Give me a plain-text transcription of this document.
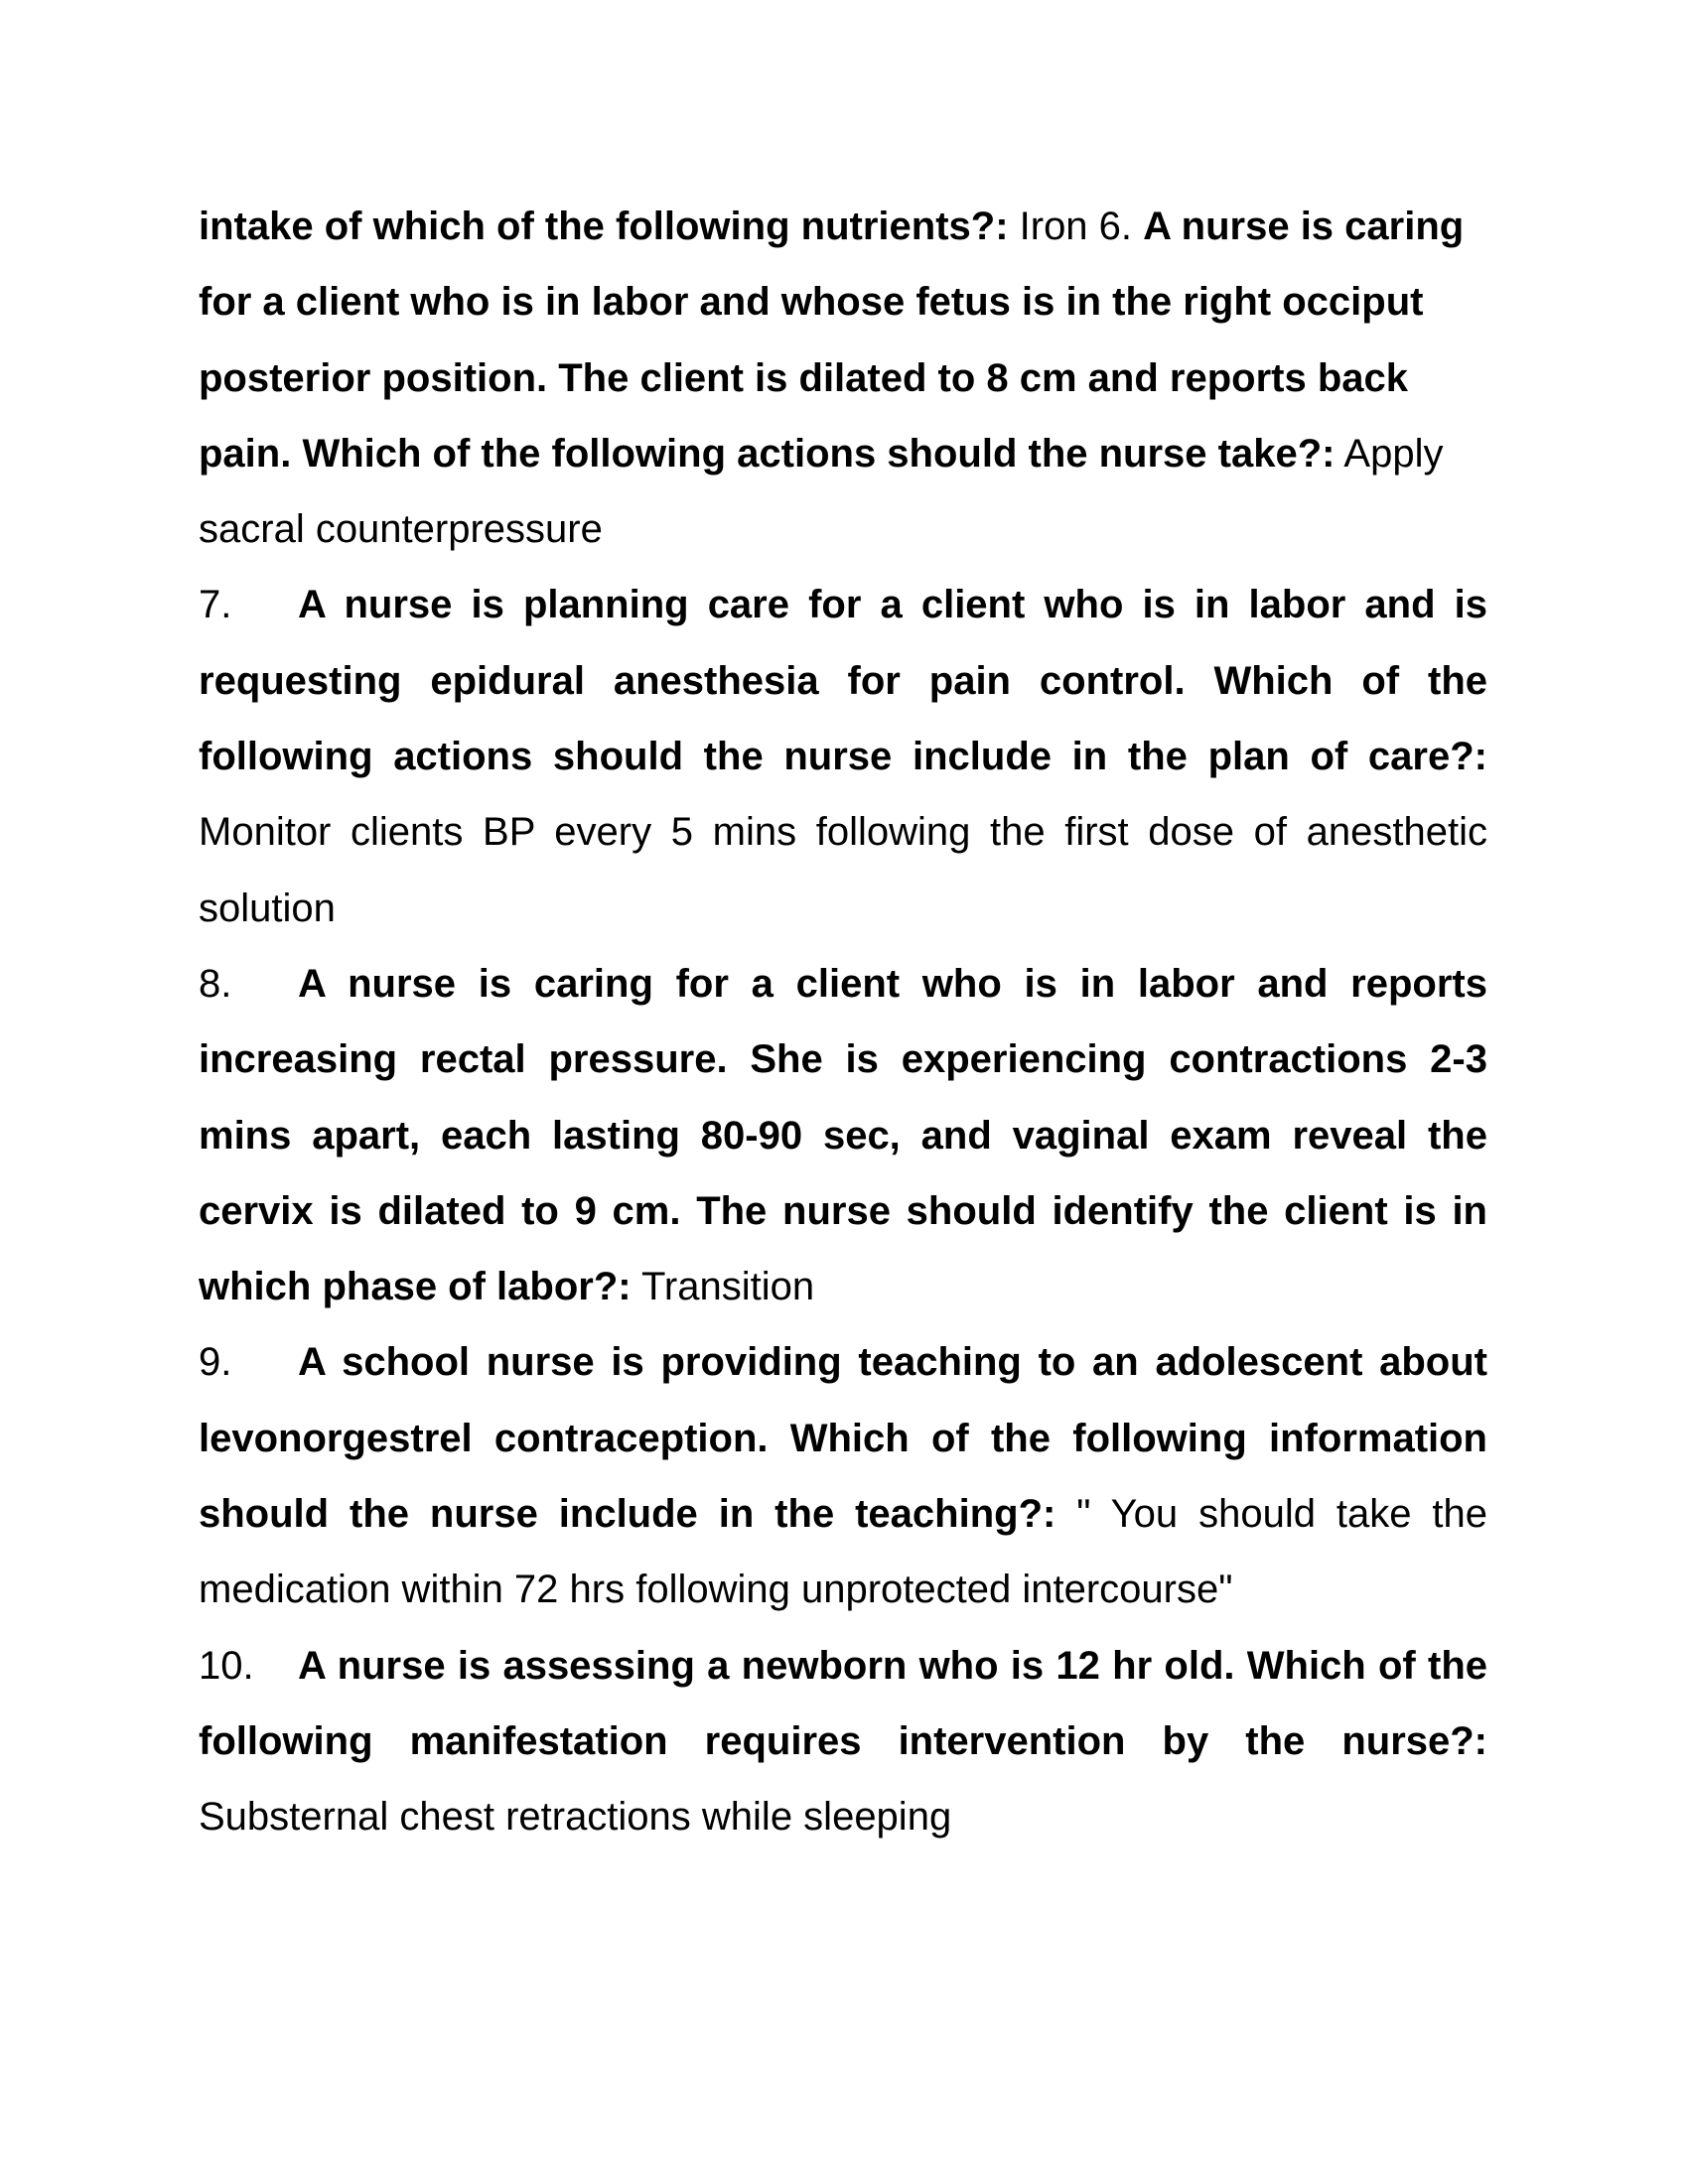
intake of which of the following nutrients?: Iron 6. A nurse is caring for a client who is in labor and whose fetus is in the right occiput posterior position. The client is dilated to 8 cm and reports back pain. Which of the following actions should the nurse take?: Apply sacral counterpressure

7. A nurse is planning care for a client who is in labor and is requesting epidural anesthesia for pain control. Which of the following actions should the nurse include in the plan of care?: Monitor clients BP every 5 mins following the first dose of anesthetic solution

8. A nurse is caring for a client who is in labor and reports increasing rectal pressure. She is experiencing contractions 2-3 mins apart, each lasting 80-90 sec, and vaginal exam reveal the cervix is dilated to 9 cm. The nurse should identify the client is in which phase of labor?: Transition

9. A school nurse is providing teaching to an adolescent about levonorgestrel contraception. Which of the following information should the nurse include in the teaching?: " You should take the medication within 72 hrs following unprotected intercourse"

10. A nurse is assessing a newborn who is 12 hr old. Which of the following manifestation requires intervention by the nurse?: Substernal chest retractions while sleeping
